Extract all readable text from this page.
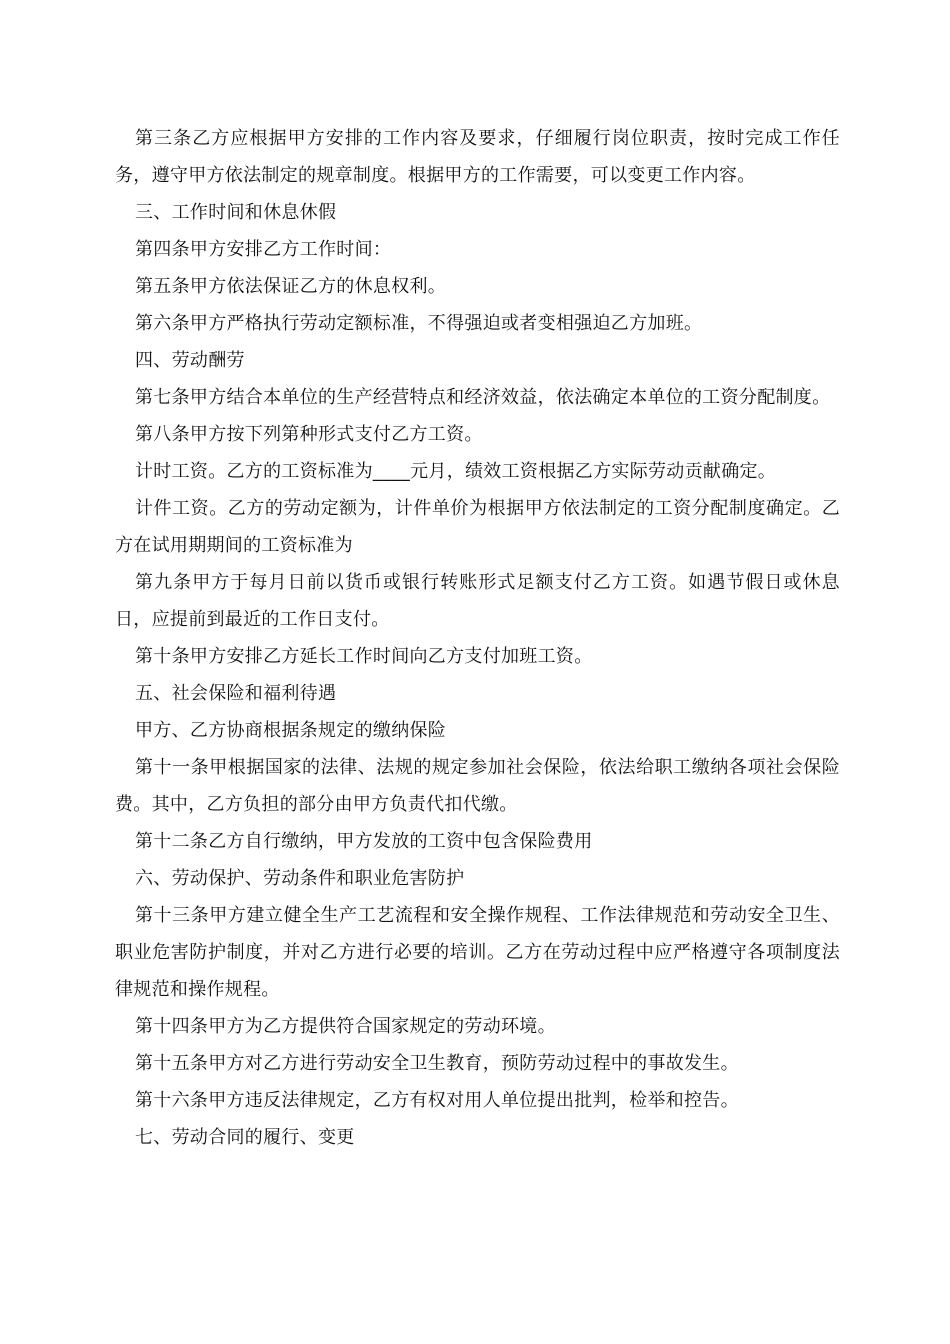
第三条乙方应根据甲方安排的工作内容及要求，仔细履行岗位职责，按时完成工作任务，遵守甲方依法制定的规章制度。根据甲方的工作需要，可以变更工作内容。

三、工作时间和休息休假

第四条甲方安排乙方工作时间：

第五条甲方依法保证乙方的休息权利。

第六条甲方严格执行劳动定额标准，不得强迫或者变相强迫乙方加班。

四、劳动酬劳

第七条甲方结合本单位的生产经营特点和经济效益，依法确定本单位的工资分配制度。

第八条甲方按下列第种形式支付乙方工资。

计时工资。乙方的工资标准为____元月，绩效工资根据乙方实际劳动贡献确定。

计件工资。乙方的劳动定额为，计件单价为根据甲方依法制定的工资分配制度确定。乙方在试用期期间的工资标准为

第九条甲方于每月日前以货币或银行转账形式足额支付乙方工资。如遇节假日或休息日，应提前到最近的工作日支付。

第十条甲方安排乙方延长工作时间向乙方支付加班工资。

五、社会保险和福利待遇

甲方、乙方协商根据条规定的缴纳保险

第十一条甲根据国家的法律、法规的规定参加社会保险，依法给职工缴纳各项社会保险费。其中，乙方负担的部分由甲方负责代扣代缴。

第十二条乙方自行缴纳，甲方发放的工资中包含保险费用

六、劳动保护、劳动条件和职业危害防护

第十三条甲方建立健全生产工艺流程和安全操作规程、工作法律规范和劳动安全卫生、职业危害防护制度，并对乙方进行必要的培训。乙方在劳动过程中应严格遵守各项制度法律规范和操作规程。

第十四条甲方为乙方提供符合国家规定的劳动环境。

第十五条甲方对乙方进行劳动安全卫生教育，预防劳动过程中的事故发生。

第十六条甲方违反法律规定，乙方有权对用人单位提出批判，检举和控告。

七、劳动合同的履行、变更
